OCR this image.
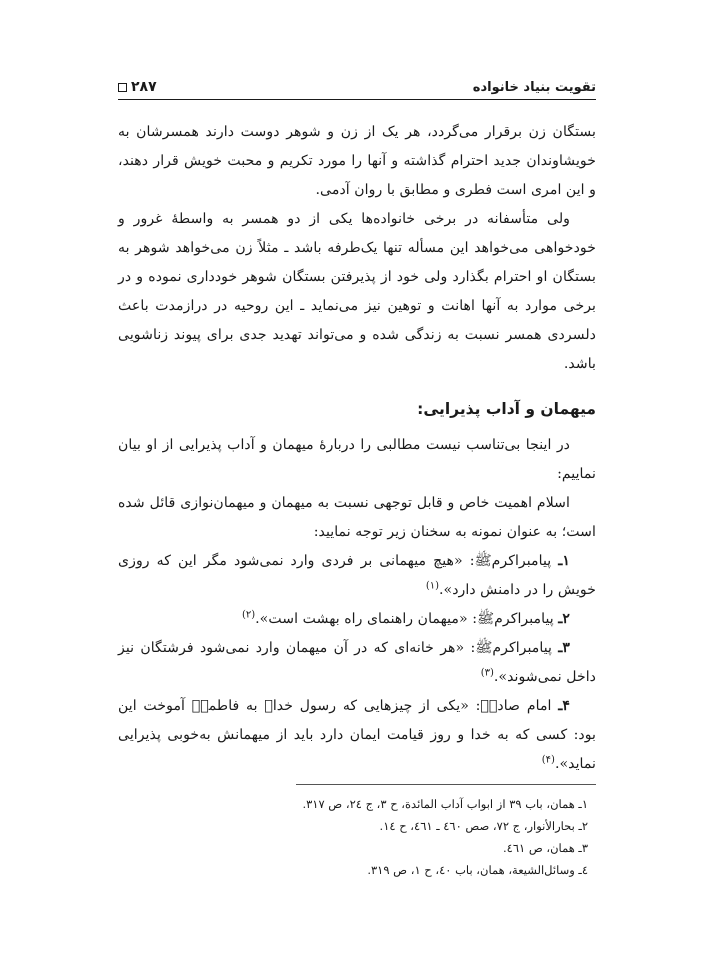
تقویت بنیاد خانواده
۲۸۷

بستگان زن برقرار می‌گردد، هر یک از زن و شوهر دوست دارند همسرشان به خویشاوندان جدید احترام گذاشته و آنها را مورد تکریم و محبت خویش قرار دهند، و این امری است فطری و مطابق با روان آدمی.

ولی متأسفانه در برخی خانواده‌ها یکی از دو همسر به واسطهٔ غرور و خودخواهی می‌خواهد این مسأله تنها یک‌طرفه باشد ـ مثلاً زن می‌خواهد شوهر به بستگان او احترام بگذارد ولی خود از پذیرفتن بستگان شوهر خودداری نموده و در برخی موارد به آنها اهانت و توهین نیز می‌نماید ـ این روحیه در درازمدت باعث دلسردی همسر نسبت به زندگی شده و می‌تواند تهدید جدی برای پیوند زناشویی باشد.

میهمان و آداب پذیرایی:

در اینجا بی‌تناسب نیست مطالبی را دربارهٔ میهمان و آداب پذیرایی از او بیان نماییم:

اسلام اهمیت خاص و قابل توجهی نسبت به میهمان و میهمان‌نوازی قائل شده است؛ به عنوان نمونه به سخنان زیر توجه نمایید:

۱ـ پیامبراکرمﷺ: «هیچ میهمانی بر فردی وارد نمی‌شود مگر این که روزی خویش را در دامنش دارد».$^{(۱)}$

۲ـ پیامبراکرمﷺ: «میهمان راهنمای راه بهشت است».$^{(۲)}$

۳ـ پیامبراکرمﷺ: «هر خانه‌ای که در آن میهمان وارد نمی‌شود فرشتگان نیز داخل نمی‌شوند».$^{(۳)}$

۴ـ امام صادقؑ: «یکی از چیزهایی که رسول خداﷺ به فاطمهؑ آموخت این بود: کسی که به خدا و روز قیامت ایمان دارد باید از میهمانش به‌خوبی پذیرایی نماید».$^{(۴)}$

۱ـ همان، باب ۳۹ از ابواب آداب المائدة، ح ۳، ج ۲٤، ص ۳۱۷.
۲ـ بحارالأنوار، ج ۷۲، صص ٤٦۰ ـ ٤٦۱، ح ١٤.
۳ـ همان، ص ٤٦١.
٤ـ وسائل‌الشیعة، همان، باب ٤۰، ح ۱، ص ۳۱۹.
